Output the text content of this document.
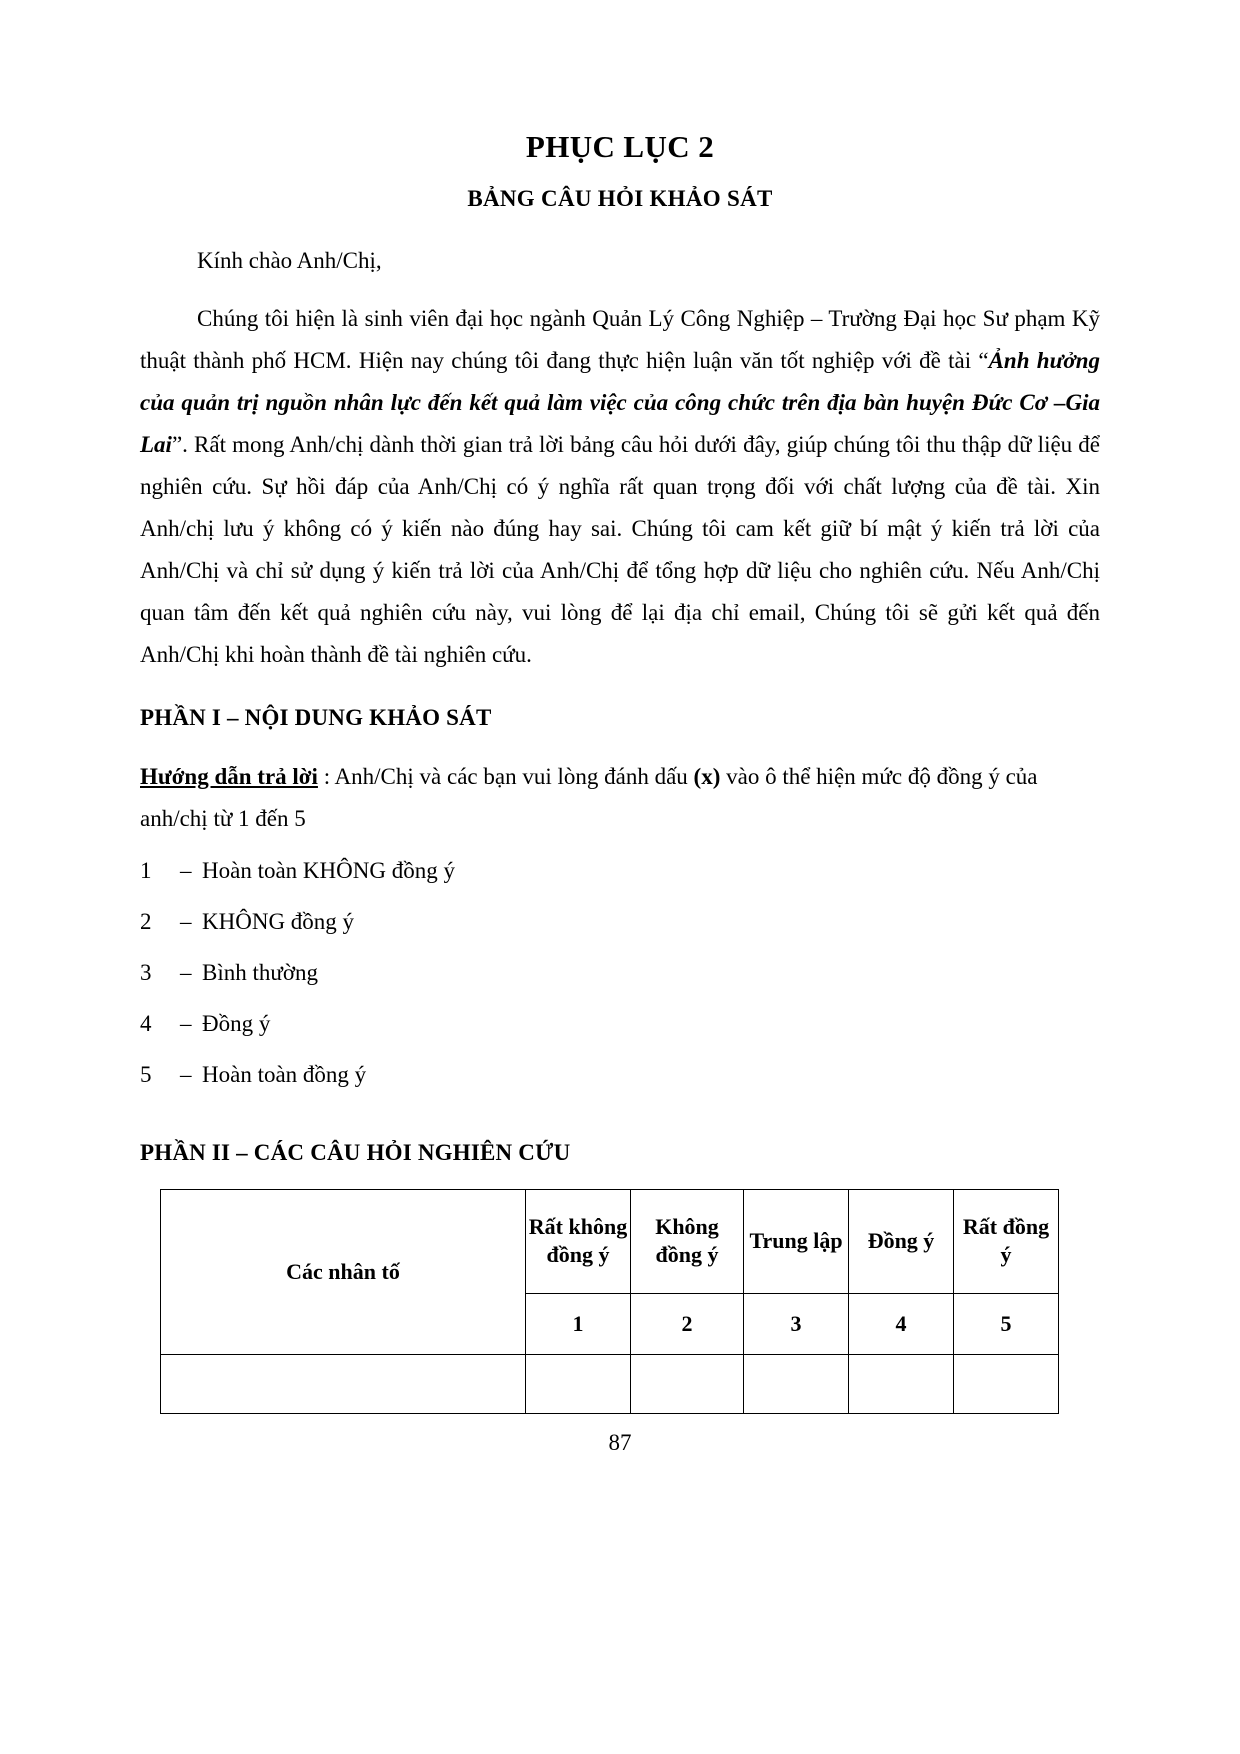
PHỤC LỤC 2
BẢNG CÂU HỎI KHẢO SÁT

Kính chào Anh/Chị,

Chúng tôi hiện là sinh viên đại học ngành Quản Lý Công Nghiệp – Trường Đại học Sư phạm Kỹ thuật thành phố HCM. Hiện nay chúng tôi đang thực hiện luận văn tốt nghiệp với đề tài “Ảnh hưởng của quản trị nguồn nhân lực đến kết quả làm việc của công chức trên địa bàn huyện Đức Cơ –Gia Lai”. Rất mong Anh/chị dành thời gian trả lời bảng câu hỏi dưới đây, giúp chúng tôi thu thập dữ liệu để nghiên cứu. Sự hồi đáp của Anh/Chị có ý nghĩa rất quan trọng đối với chất lượng của đề tài. Xin Anh/chị lưu ý không có ý kiến nào đúng hay sai. Chúng tôi cam kết giữ bí mật ý kiến trả lời của Anh/Chị và chỉ sử dụng ý kiến trả lời của Anh/Chị để tổng hợp dữ liệu cho nghiên cứu. Nếu Anh/Chị quan tâm đến kết quả nghiên cứu này, vui lòng để lại địa chỉ email, Chúng tôi sẽ gửi kết quả đến Anh/Chị khi hoàn thành đề tài nghiên cứu.

PHẦN I – NỘI DUNG KHẢO SÁT

Hướng dẫn trả lời : Anh/Chị và các bạn vui lòng đánh dấu (x) vào ô thể hiện mức độ đồng ý của anh/chị từ 1 đến 5

1	– Hoàn toàn KHÔNG đồng ý
2	– KHÔNG đồng ý
3	– Bình thường
4	– Đồng ý
5	– Hoàn toàn đồng ý
PHẦN II – CÁC CÂU HỎI NGHIÊN CỨU
Các nhân tố	Rất không đồng ý	Không đồng ý	Trung lập	Đồng ý	Rất đồng ý
	1	2	3	4	5

87
